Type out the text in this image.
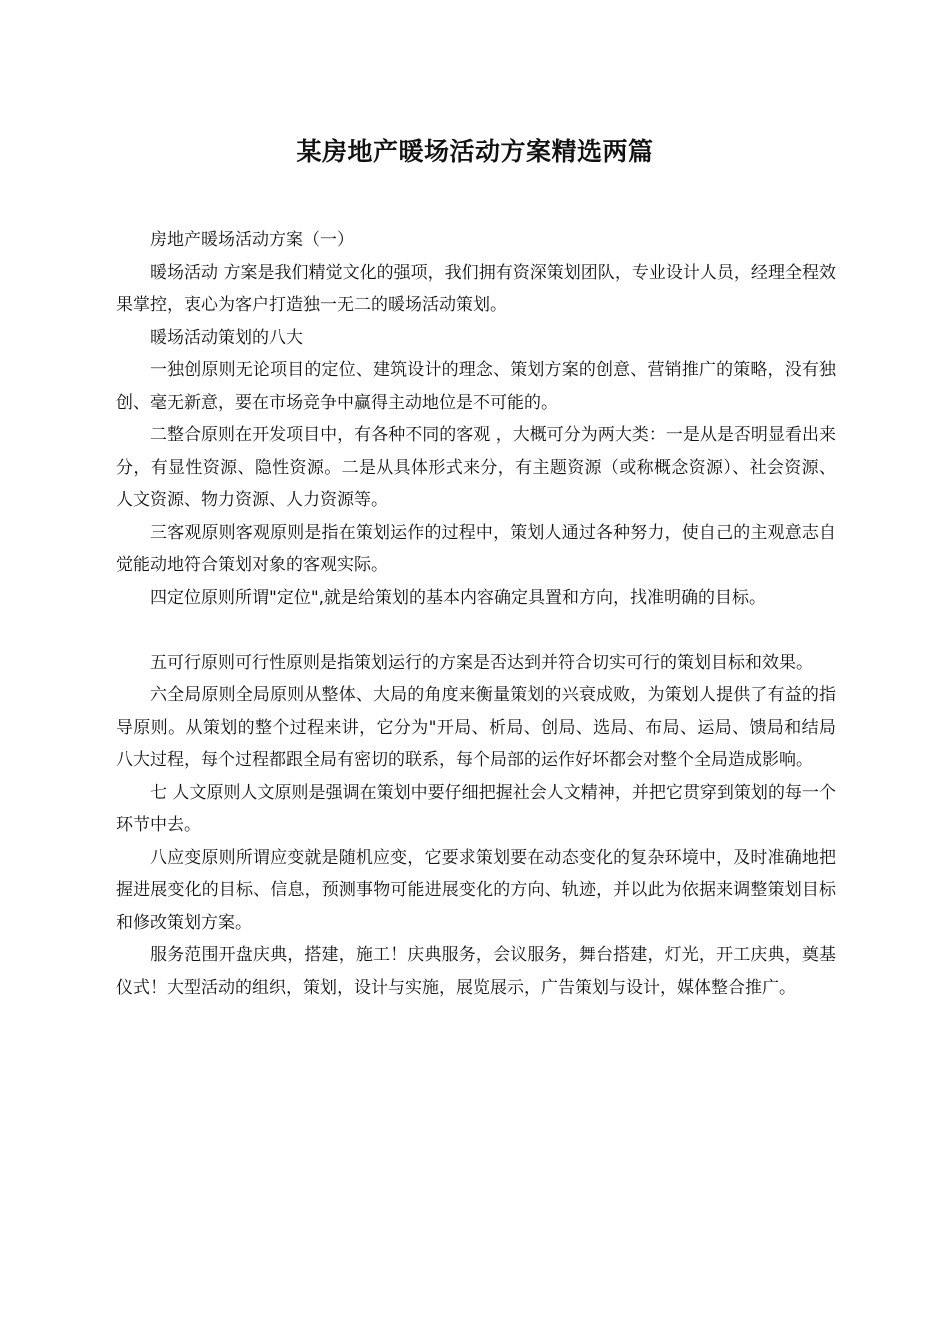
某房地产暖场活动方案精选两篇

房地产暖场活动方案（一）

暖场活动 方案是我们精觉文化的强项，我们拥有资深策划团队，专业设计人员，经理全程效果掌控，衷心为客户打造独一无二的暖场活动策划。

暖场活动策划的八大

一独创原则无论项目的定位、建筑设计的理念、策划方案的创意、营销推广的策略，没有独创、毫无新意，要在市场竞争中赢得主动地位是不可能的。

二整合原则在开发项目中，有各种不同的客观 ，大概可分为两大类：一是从是否明显看出来分，有显性资源、隐性资源。二是从具体形式来分，有主题资源（或称概念资源）、社会资源、人文资源、物力资源、人力资源等。

三客观原则客观原则是指在策划运作的过程中，策划人通过各种努力，使自己的主观意志自觉能动地符合策划对象的客观实际。

四定位原则所谓"定位",就是给策划的基本内容确定具置和方向，找准明确的目标。

五可行原则可行性原则是指策划运行的方案是否达到并符合切实可行的策划目标和效果。

六全局原则全局原则从整体、大局的角度来衡量策划的兴衰成败，为策划人提供了有益的指导原则。从策划的整个过程来讲，它分为"开局、析局、创局、选局、布局、运局、馈局和结局八大过程，每个过程都跟全局有密切的联系，每个局部的运作好坏都会对整个全局造成影响。

七 人文原则人文原则是强调在策划中要仔细把握社会人文精神，并把它贯穿到策划的每一个环节中去。

八应变原则所谓应变就是随机应变，它要求策划要在动态变化的复杂环境中，及时准确地把握进展变化的目标、信息，预测事物可能进展变化的方向、轨迹，并以此为依据来调整策划目标和修改策划方案。

服务范围开盘庆典，搭建，施工！庆典服务，会议服务，舞台搭建，灯光，开工庆典，奠基仪式！大型活动的组织，策划，设计与实施，展览展示，广告策划与设计，媒体整合推广。
